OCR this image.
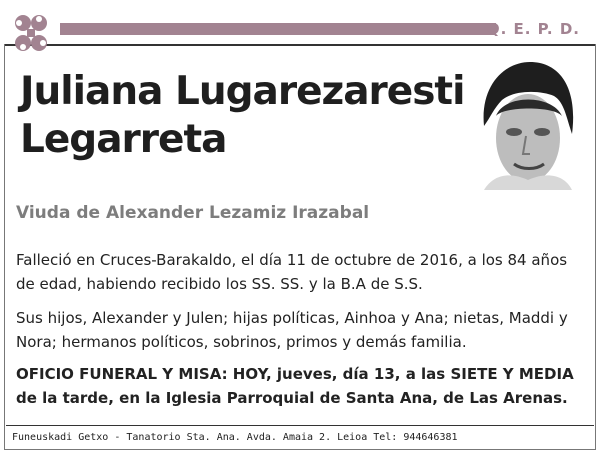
Q. E. P. D.
Juliana Lugarezaresti Legarreta
Viuda de Alexander Lezamiz Irazabal
Falleció en Cruces-Barakaldo, el día 11 de octubre de 2016, a los 84 años de edad, habiendo recibido los SS. SS. y la B.A de S.S.
Sus hijos, Alexander y Julen; hijas políticas, Ainhoa y Ana; nietas, Maddi y Nora; hermanos políticos, sobrinos, primos y demás familia.
OFICIO FUNERAL Y MISA: HOY, jueves, día 13, a las SIETE Y MEDIA de la tarde, en la Iglesia Parroquial de Santa Ana, de Las Arenas.
Funeuskadi Getxo - Tanatorio Sta. Ana. Avda. Amaia 2. Leioa Tel: 944646381
